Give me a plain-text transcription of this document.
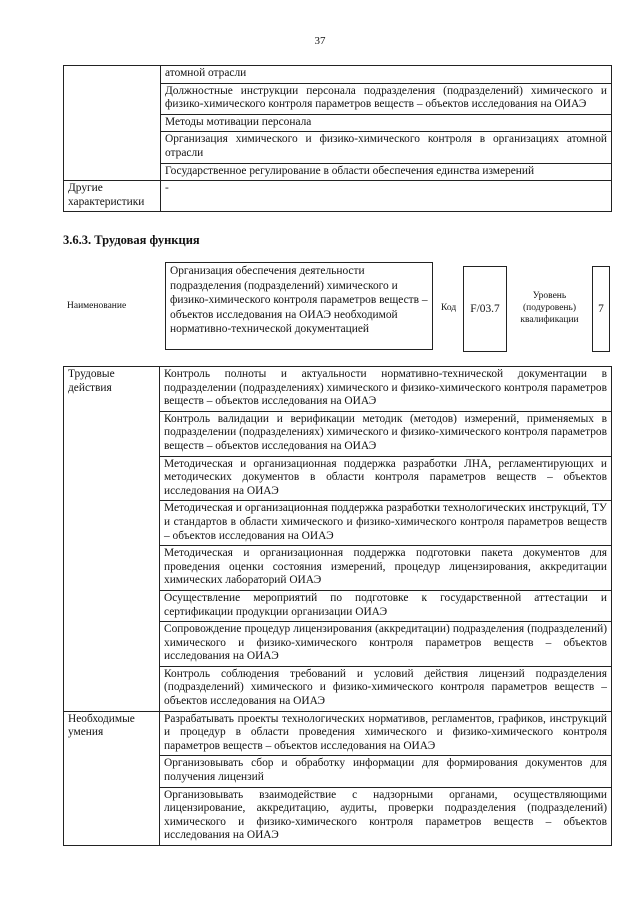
37
	атомной отрасли
	Должностные инструкции персонала подразделения (подразделений) химического и физико-химического контроля параметров веществ – объектов исследования на ОИАЭ
	Методы мотивации персонала
	Организация химического и физико-химического контроля в организациях атомной отрасли
	Государственное регулирование в области обеспечения единства измерений
Другие характеристики	-
3.6.3. Трудовая функция
Наименование
Организация обеспечения деятельности подразделения (подразделений) химического и физико-химического контроля параметров веществ – объектов исследования на ОИАЭ необходимой нормативно-технической документацией
Код	F/03.7
Уровень (подуровень) квалификации
7
Трудовые действия	Контроль полноты и актуальности нормативно-технической документации в подразделении (подразделениях) химического и физико-химического контроля параметров веществ – объектов исследования на ОИАЭ
	Контроль валидации и верификации методик (методов) измерений, применяемых в подразделении (подразделениях) химического и физико-химического контроля параметров веществ – объектов исследования на ОИАЭ
	Методическая и организационная поддержка разработки ЛНА, регламентирующих и методических документов в области контроля параметров веществ – объектов исследования на ОИАЭ
	Методическая и организационная поддержка разработки технологических инструкций, ТУ и стандартов в области химического и физико-химического контроля параметров веществ – объектов исследования на ОИАЭ
	Методическая и организационная поддержка подготовки пакета документов для проведения оценки состояния измерений, процедур лицензирования, аккредитации химических лабораторий ОИАЭ
	Осуществление мероприятий по подготовке к государственной аттестации и сертификации продукции организации ОИАЭ
	Сопровождение процедур лицензирования (аккредитации) подразделения (подразделений) химического и физико-химического контроля параметров веществ – объектов исследования на ОИАЭ
	Контроль соблюдения требований и условий действия лицензий подразделения (подразделений) химического и физико-химического контроля параметров веществ – объектов исследования на ОИАЭ
Необходимые умения	Разрабатывать проекты технологических нормативов, регламентов, графиков, инструкций и процедур в области проведения химического и физико-химического контроля параметров веществ – объектов исследования на ОИАЭ
	Организовывать сбор и обработку информации для формирования документов для получения лицензий
	Организовывать взаимодействие с надзорными органами, осуществляющими лицензирование, аккредитацию, аудиты, проверки подразделения (подразделений) химического и физико-химического контроля параметров веществ – объектов исследования на ОИАЭ
